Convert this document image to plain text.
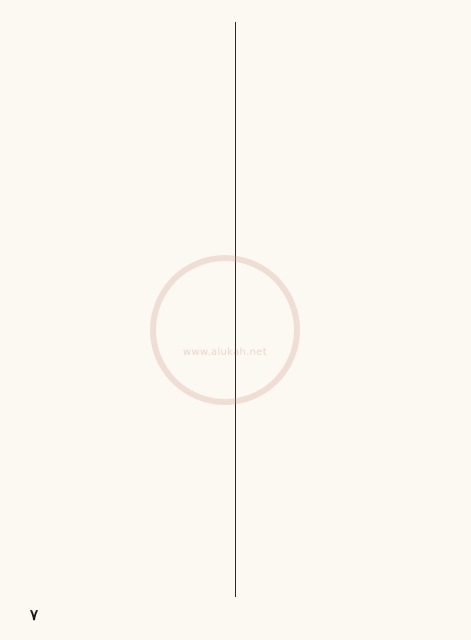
www.alukah.net
٧
